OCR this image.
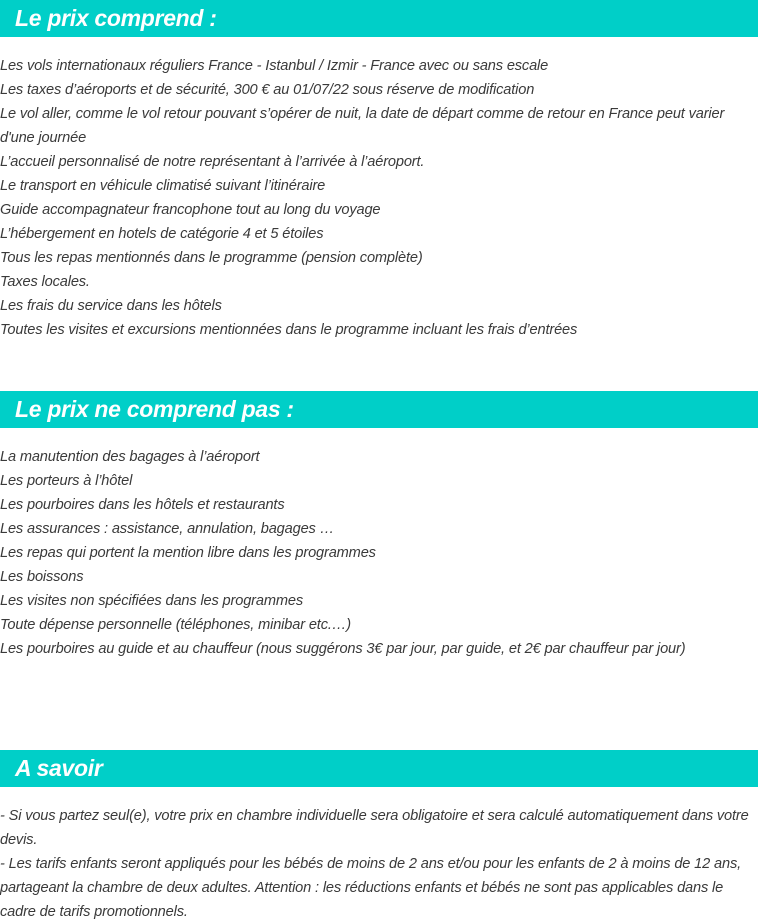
Le prix comprend :
Les vols internationaux réguliers France - Istanbul / Izmir - France avec ou sans escale
Les taxes d’aéroports et de sécurité, 300 € au 01/07/22 sous réserve de modification
Le vol aller, comme le vol retour pouvant s’opérer de nuit, la date de départ comme de retour en France peut varier d'une journée
L’accueil personnalisé de notre représentant à l’arrivée à l’aéroport.
Le transport en véhicule climatisé suivant l’itinéraire
Guide accompagnateur francophone tout au long du voyage
L’hébergement en hotels de catégorie 4 et 5 étoiles
Tous les repas mentionnés dans le programme (pension complète)
Taxes locales.
Les frais du service dans les hôtels
Toutes les visites et excursions mentionnées dans le programme incluant les frais d’entrées
Le prix ne comprend pas :
La manutention des bagages à l’aéroport
Les porteurs à l’hôtel
Les pourboires dans les hôtels et restaurants
Les assurances : assistance, annulation, bagages …
Les repas qui portent la mention libre dans les programmes
Les boissons
Les visites non spécifiées dans les programmes
Toute dépense personnelle (téléphones, minibar etc.…)
Les pourboires au guide et au chauffeur (nous suggérons 3€ par jour, par guide, et 2€ par chauffeur par jour)
A savoir

- Si vous partez seul(e), votre prix en chambre individuelle sera obligatoire et sera calculé automatiquement dans votre devis.

- Les tarifs enfants seront appliqués pour les bébés de moins de 2 ans et/ou pour les enfants de 2 à moins de 12 ans, partageant la chambre de deux adultes. Attention : les réductions enfants et bébés ne sont pas applicables dans le cadre de tarifs promotionnels.
